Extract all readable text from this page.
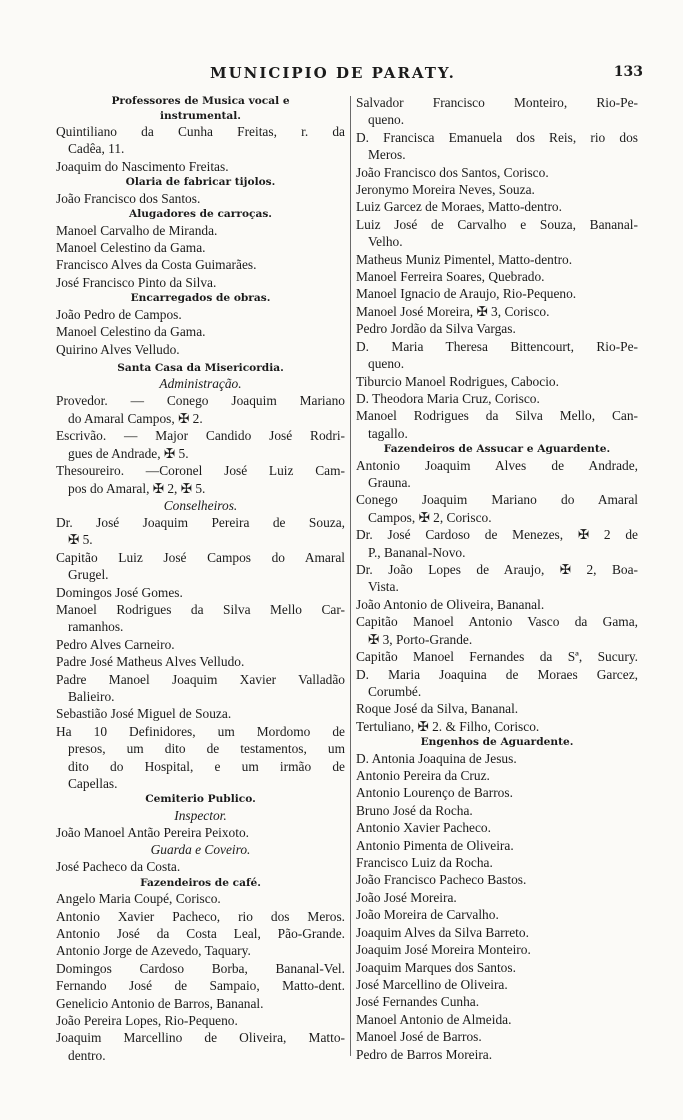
MUNICIPIO DE PARATY.	133
Professores de Musica vocal e
instrumental.
Quintiliano da Cunha Freitas, r. da
Cadêa, 11.
Joaquim do Nascimento Freitas.
Olaria de fabricar tijolos.
João Francisco dos Santos.
Alugadores de carroças.
Manoel Carvalho de Miranda.
Manoel Celestino da Gama.
Francisco Alves da Costa Guimarães.
José Francisco Pinto da Silva.
Encarregados de obras.
João Pedro de Campos.
Manoel Celestino da Gama.
Quirino Alves Velludo.
Santa Casa da Misericordia.
Administração.
Provedor. — Conego Joaquim Mariano
do Amaral Campos, ✠ 2.
Escrivão. — Major Candido José Rodri-
gues de Andrade, ✠ 5.
Thesoureiro. —Coronel José Luiz Cam-
pos do Amaral, ✠ 2, ✠ 5.
Conselheiros.
Dr. José Joaquim Pereira de Souza,
✠ 5.
Capitão Luiz José Campos do Amaral
Grugel.
Domingos José Gomes.
Manoel Rodrigues da Silva Mello Car-
ramanhos.
Pedro Alves Carneiro.
Padre José Matheus Alves Velludo.
Padre Manoel Joaquim Xavier Valladão
Balieiro.
Sebastião José Miguel de Souza.
Ha 10 Definidores, um Mordomo de
presos, um dito de testamentos, um
dito do Hospital, e um irmão de
Capellas.
Cemiterio Publico.
Inspector.
João Manoel Antão Pereira Peixoto.
Guarda e Coveiro.
José Pacheco da Costa.
Fazendeiros de café.
Angelo Maria Coupé, Corisco.
Antonio Xavier Pacheco, rio dos Meros.
Antonio José da Costa Leal, Pão-Grande.
Antonio Jorge de Azevedo, Taquary.
Domingos Cardoso Borba, Bananal-Vel.
Fernando José de Sampaio, Matto-dent.
Genelicio Antonio de Barros, Bananal.
João Pereira Lopes, Rio-Pequeno.
Joaquim Marcellino de Oliveira, Matto-
dentro.
Salvador Francisco Monteiro, Rio-Pe-
queno.
D. Francisca Emanuela dos Reis, rio dos
Meros.
João Francisco dos Santos, Corisco.
Jeronymo Moreira Neves, Souza.
Luiz Garcez de Moraes, Matto-dentro.
Luiz José de Carvalho e Souza, Bananal-
Velho.
Matheus Muniz Pimentel, Matto-dentro.
Manoel Ferreira Soares, Quebrado.
Manoel Ignacio de Araujo, Rio-Pequeno.
Manoel José Moreira, ✠ 3, Corisco.
Pedro Jordão da Silva Vargas.
D. Maria Theresa Bittencourt, Rio-Pe-
queno.
Tiburcio Manoel Rodrigues, Cabocio.
D. Theodora Maria Cruz, Corisco.
Manoel Rodrigues da Silva Mello, Can-
tagallo.
Fazendeiros de Assucar e Aguardente.
Antonio Joaquim Alves de Andrade,
Grauna.
Conego Joaquim Mariano do Amaral
Campos, ✠ 2, Corisco.
Dr. José Cardoso de Menezes, ✠ 2 de
P., Bananal-Novo.
Dr. João Lopes de Araujo, ✠ 2, Boa-
Vista.
João Antonio de Oliveira, Bananal.
Capitão Manoel Antonio Vasco da Gama,
✠ 3, Porto-Grande.
Capitão Manoel Fernandes da Sª, Sucury.
D. Maria Joaquina de Moraes Garcez,
Corumbé.
Roque José da Silva, Bananal.
Tertuliano, ✠ 2. & Filho, Corisco.
Engenhos de Aguardente.
D. Antonia Joaquina de Jesus.
Antonio Pereira da Cruz.
Antonio Lourenço de Barros.
Bruno José da Rocha.
Antonio Xavier Pacheco.
Antonio Pimenta de Oliveira.
Francisco Luiz da Rocha.
João Francisco Pacheco Bastos.
João José Moreira.
João Moreira de Carvalho.
Joaquim Alves da Silva Barreto.
Joaquim José Moreira Monteiro.
Joaquim Marques dos Santos.
José Marcellino de Oliveira.
José Fernandes Cunha.
Manoel Antonio de Almeida.
Manoel José de Barros.
Pedro de Barros Moreira.
